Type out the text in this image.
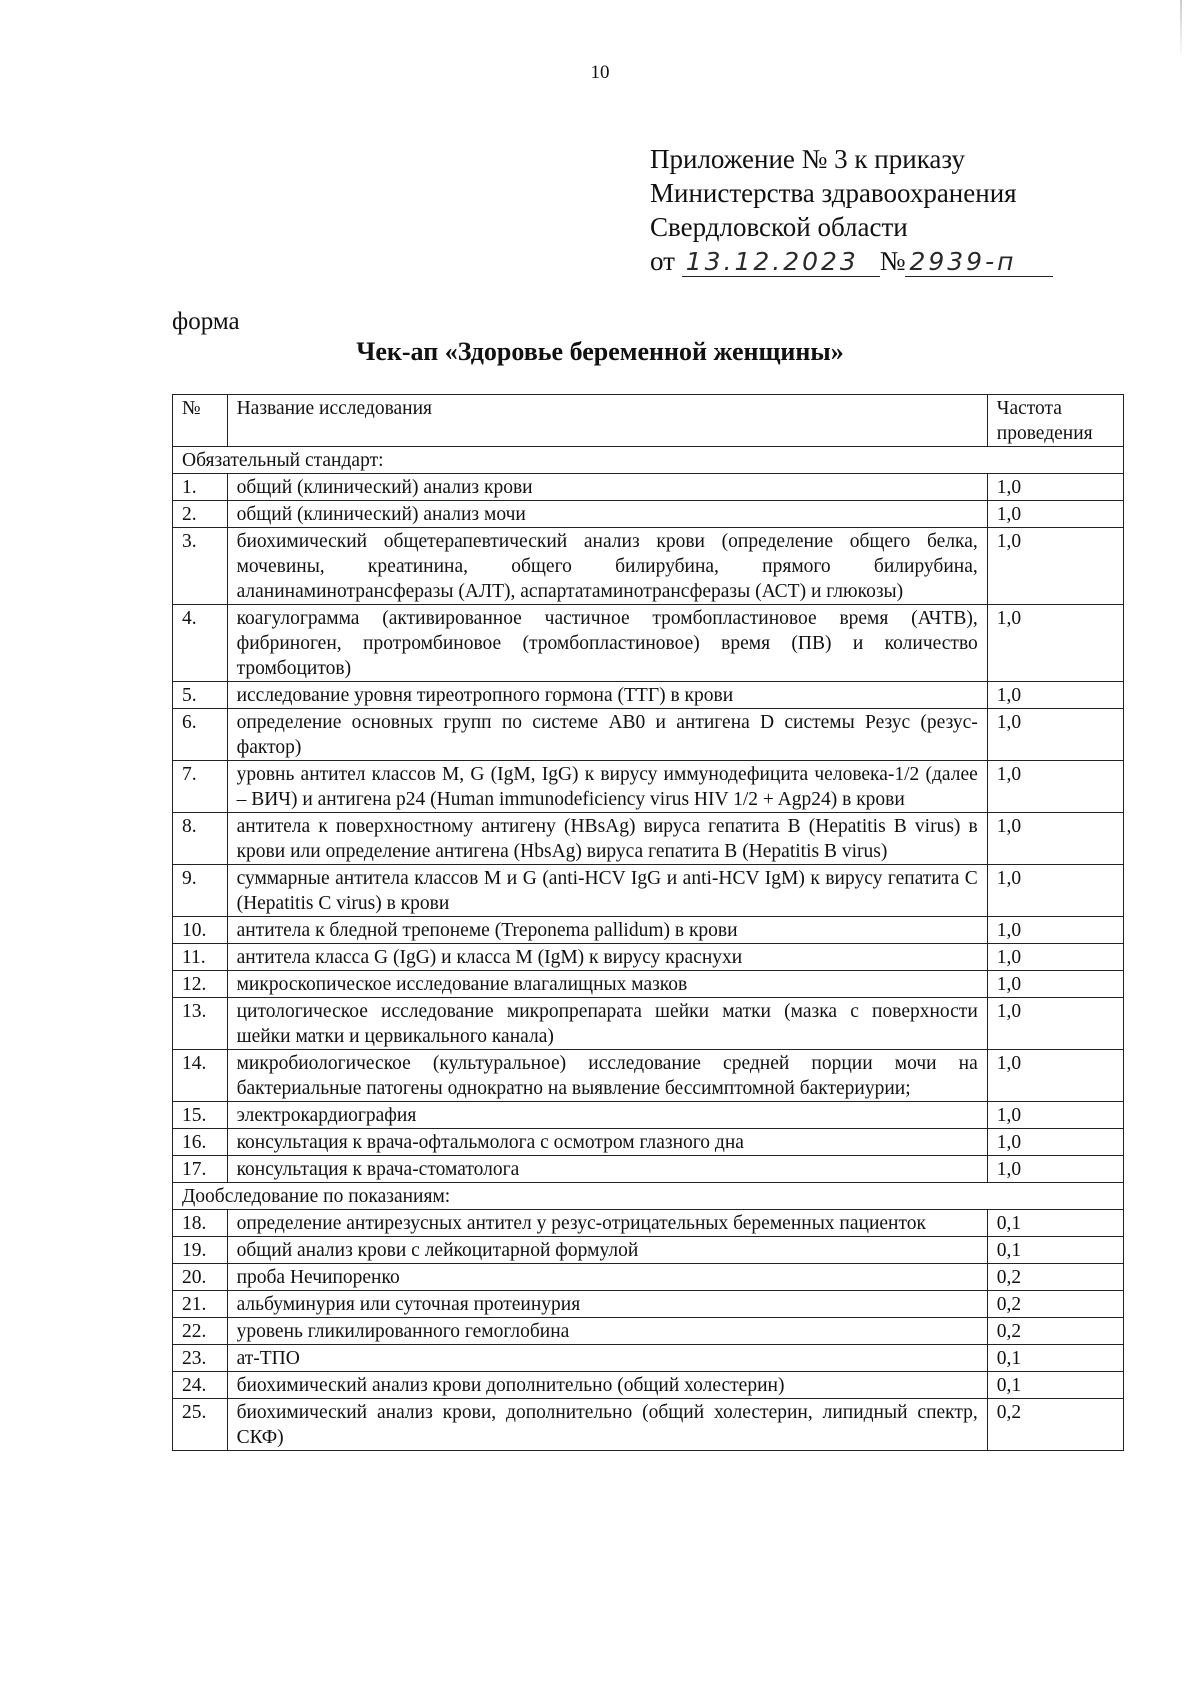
10
Приложение № 3 к приказу
Министерства здравоохранения
Свердловской области
от
13.12.2023 № 2939-п
форма
Чек-ап «Здоровье беременной женщины»
№	Название исследования	Частота проведения
Обязательный стандарт:		
1.	общий (клинический) анализ крови	1,0
2.	общий (клинический) анализ мочи	1,0
3.	биохимический общетерапевтический анализ крови (определение общего белка, мочевины, креатинина, общего билирубина, прямого билирубина, аланинаминотрансферазы (АЛТ), аспартатаминотрансферазы (АСТ) и глюкозы)	1,0
4.	коагулограмма (активированное частичное тромбопластиновое время (АЧТВ), фибриноген, протромбиновое (тромбопластиновое) время (ПВ) и количество тромбоцитов)	1,0
5.	исследование уровня тиреотропного гормона (ТТГ) в крови	1,0
6.	определение основных групп по системе АВ0 и антигена D системы Резус (резус-фактор)	1,0
7.	уровнь антител классов M, G (IgM, IgG) к вирусу иммунодефицита человека-1/2 (далее – ВИЧ) и антигена р24 (Human immunodeficiency virus HIV 1/2 + Agp24) в крови	1,0
8.	антитела к поверхностному антигену (HBsAg) вируса гепатита B (Hepatitis B virus) в крови или определение антигена (HbsAg) вируса гепатита B (Hepatitis B virus)	1,0
9.	суммарные антитела классов M и G (anti-HCV IgG и anti-HCV IgM) к вирусу гепатита C (Hepatitis C virus) в крови	1,0
10.	антитела к бледной трепонеме (Treponema pallidum) в крови	1,0
11.	антитела класса G (IgG) и класса M (IgM) к вирусу краснухи	1,0
12.	микроскопическое исследование влагалищных мазков	1,0
13.	цитологическое исследование микропрепарата шейки матки (мазка с поверхности шейки матки и цервикального канала)	1,0
14.	микробиологическое (культуральное) исследование средней порции мочи на бактериальные патогены однократно на выявление бессимптомной бактериурии;	1,0
15.	электрокардиография	1,0
16.	консультация к врача-офтальмолога с осмотром глазного дна	1,0
17.	консультация к врача-стоматолога	1,0
Дообследование по показаниям:		
18.	определение антирезусных антител у резус-отрицательных беременных пациенток	0,1
19.	общий анализ крови с лейкоцитарной формулой	0,1
20.	проба Нечипоренко	0,2
21.	альбуминурия или суточная протеинурия	0,2
22.	уровень гликилированного гемоглобина	0,2
23.	ат-ТПО	0,1
24.	биохимический анализ крови дополнительно (общий холестерин)	0,1
25.	биохимический анализ крови, дополнительно (общий холестерин, липидный спектр, СКФ)	0,2
